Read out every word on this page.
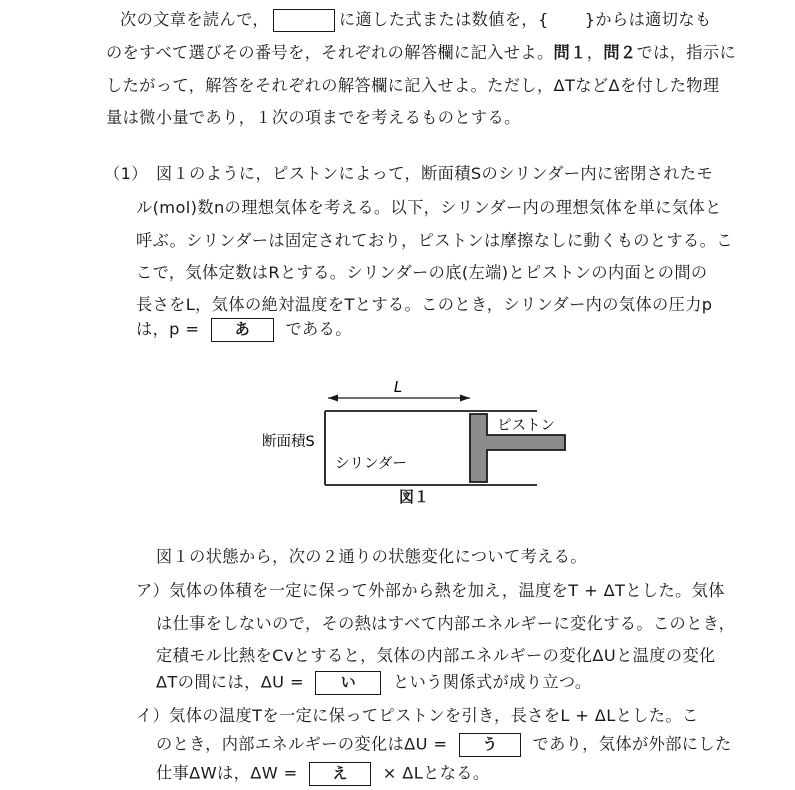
次の文章を読んで，	に適した式または数値を，{ }からは適切なも
のをすべて選びその番号を，それぞれの解答欄に記入せよ。問１，問２では，指示に
したがって，解答をそれぞれの解答欄に記入せよ。ただし，ΔTなどΔを付した物理
量は微小量であり，１次の項までを考えるものとする。
（1） 図１のように，ピストンによって，断面積Sのシリンダー内に密閉されたモ
ル(mol)数nの理想気体を考える。以下，シリンダー内の理想気体を単に気体と
呼ぶ。シリンダーは固定されており，ピストンは摩擦なしに動くものとする。こ
こで，気体定数はRとする。シリンダーの底(左端)とピストンの内面との間の
長さをL，気体の絶対温度をTとする。このとき，シリンダー内の気体の圧力p
は，p = あ である。
L
ピストン
シリンダー
断面積S
図１
図１の状態から，次の２通りの状態変化について考える。
ア）気体の体積を一定に保って外部から熱を加え，温度をT + ΔTとした。気体
は仕事をしないので，その熱はすべて内部エネルギーに変化する。このとき，
定積モル比熱をCvとすると，気体の内部エネルギーの変化ΔUと温度の変化
ΔTの間には，ΔU = い という関係式が成り立つ。
イ）気体の温度Tを一定に保ってピストンを引き，長さをL + ΔLとした。こ
のとき，内部エネルギーの変化はΔU = う であり，気体が外部にした
仕事ΔWは，ΔW = え × ΔLとなる。
